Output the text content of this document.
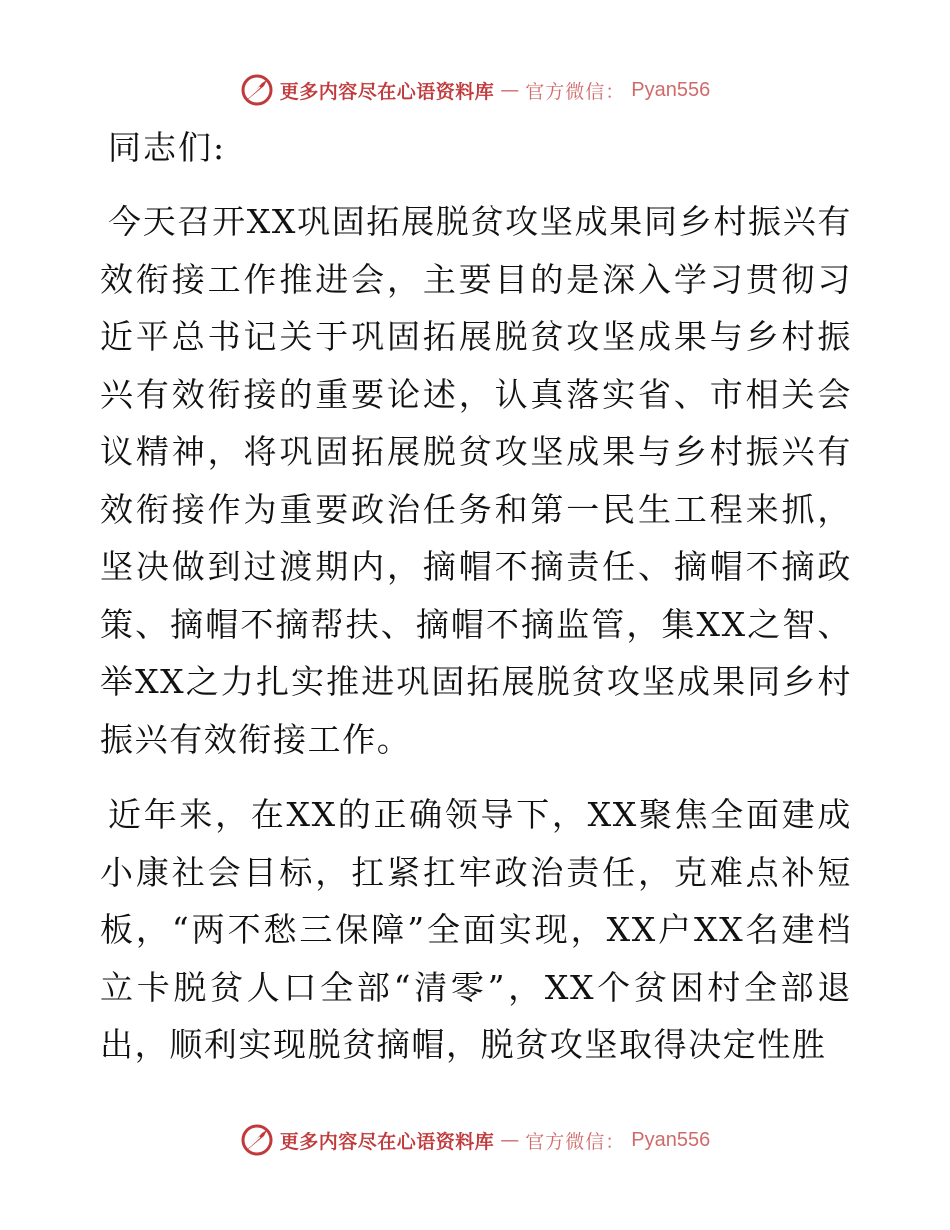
更多内容尽在心语资料库 — 官方微信： Pyan556
同志们:

今天召开XX巩固拓展脱贫攻坚成果同乡村振兴有效衔接工作推进会，主要目的是深入学习贯彻习近平总书记关于巩固拓展脱贫攻坚成果与乡村振兴有效衔接的重要论述，认真落实省、市相关会议精神，将巩固拓展脱贫攻坚成果与乡村振兴有效衔接作为重要政治任务和第一民生工程来抓，坚决做到过渡期内，摘帽不摘责任、摘帽不摘政策、摘帽不摘帮扶、摘帽不摘监管，集XX之智、举XX之力扎实推进巩固拓展脱贫攻坚成果同乡村振兴有效衔接工作。

近年来，在XX的正确领导下，XX聚焦全面建成小康社会目标，扛紧扛牢政治责任，克难点补短板，“两不愁三保障”全面实现，XX户XX名建档立卡脱贫人口全部“清零”，XX个贫困村全部退出，顺利实现脱贫摘帽，脱贫攻坚取得决定性胜

更多内容尽在心语资料库 — 官方微信： Pyan556
